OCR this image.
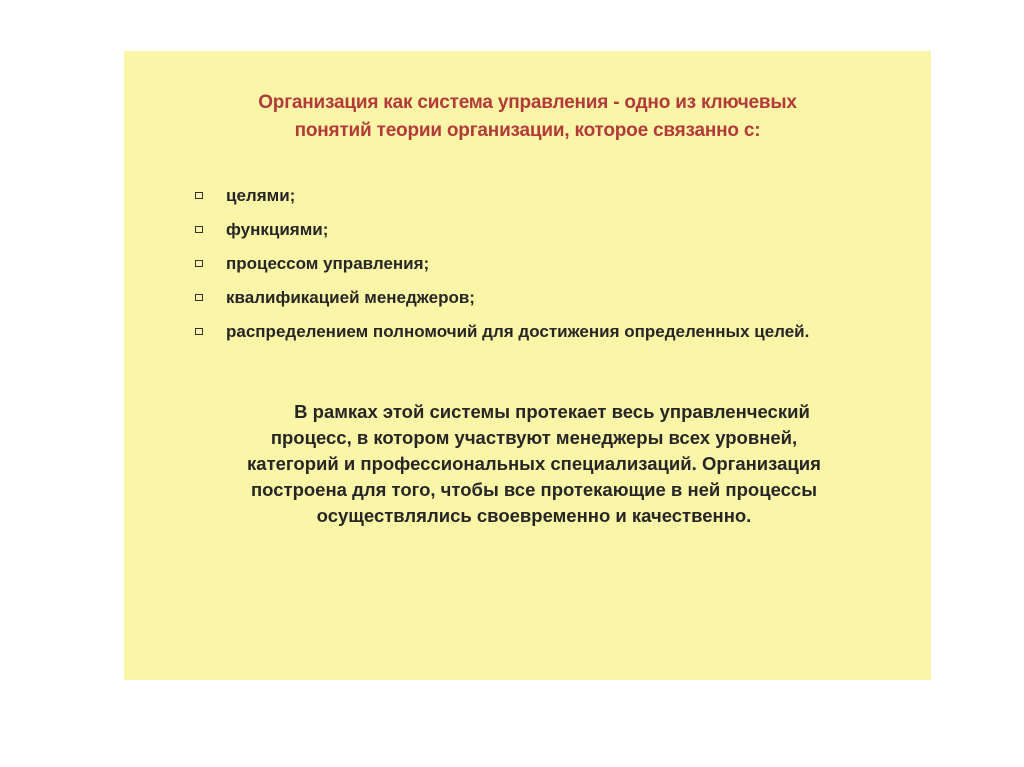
Организация как система управления - одно из ключевых
понятий теории организации, которое связанно с:
целями;
функциями;
процессом управления;
квалификацией менеджеров;
распределением полномочий для достижения определенных целей.
В рамках этой системы протекает весь управленческий
процесс, в котором участвуют менеджеры всех уровней,
категорий и профессиональных специализаций. Организация
построена для того, чтобы все протекающие в ней процессы
осуществлялись своевременно и качественно.
